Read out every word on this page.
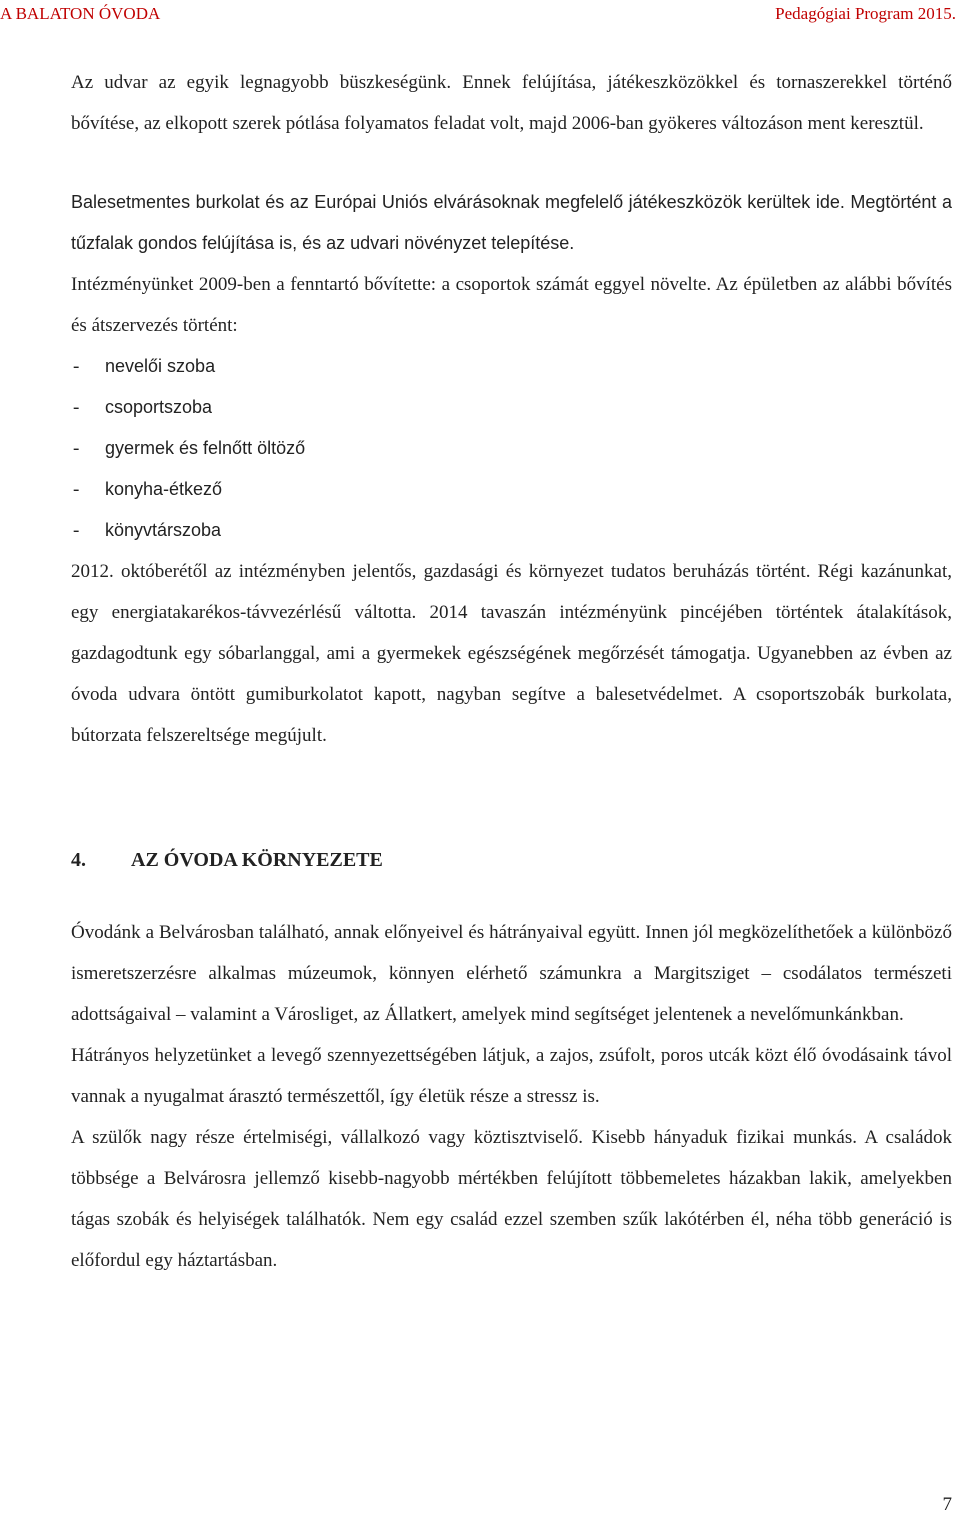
A BALATON ÓVODA	Pedagógiai Program 2015.

Az udvar az egyik legnagyobb büszkeségünk. Ennek felújítása, játékeszközökkel és tornaszerekkel történő bővítése, az elkopott szerek pótlása folyamatos feladat volt, majd 2006-ban gyökeres változáson ment keresztül.

Balesetmentes burkolat és az Európai Uniós elvárásoknak megfelelő játékeszközök kerültek ide. Megtörtént a tűzfalak gondos felújítása is, és az udvari növényzet telepítése.

Intézményünket 2009-ben a fenntartó bővítette: a csoportok számát eggyel növelte. Az épületben az alábbi bővítés és átszervezés történt:

-	nevelői szoba
-	csoportszoba
-	gyermek és felnőtt öltöző
-	konyha-étkező
-	könyvtárszoba

2012. októberétől az intézményben jelentős, gazdasági és környezet tudatos beruházás történt. Régi kazánunkat, egy energiatakarékos-távvezérlésű váltotta. 2014 tavaszán intézményünk pincéjében történtek átalakítások, gazdagodtunk egy sóbarlanggal, ami a gyermekek egészségének megőrzését támogatja. Ugyanebben az évben az óvoda udvara öntött gumiburkolatot kapott, nagyban segítve a balesetvédelmet. A csoportszobák burkolata, bútorzata felszereltsége megújult.

4.	AZ ÓVODA KÖRNYEZETE

Óvodánk a Belvárosban található, annak előnyeivel és hátrányaival együtt. Innen jól megközelíthetőek a különböző ismeretszerzésre alkalmas múzeumok, könnyen elérhető számunkra a Margitsziget – csodálatos természeti adottságaival – valamint a Városliget, az Állatkert, amelyek mind segítséget jelentenek a nevelőmunkánkban.

Hátrányos helyzetünket a levegő szennyezettségében látjuk, a zajos, zsúfolt, poros utcák közt élő óvodásaink távol vannak a nyugalmat árasztó természettől, így életük része a stressz is.

A szülők nagy része értelmiségi, vállalkozó vagy köztisztviselő. Kisebb hányaduk fizikai munkás. A családok többsége a Belvárosra jellemző kisebb-nagyobb mértékben felújított többemeletes házakban lakik, amelyekben tágas szobák és helyiségek találhatók. Nem egy család ezzel szemben szűk lakótérben él, néha több generáció is előfordul egy háztartásban.

7
